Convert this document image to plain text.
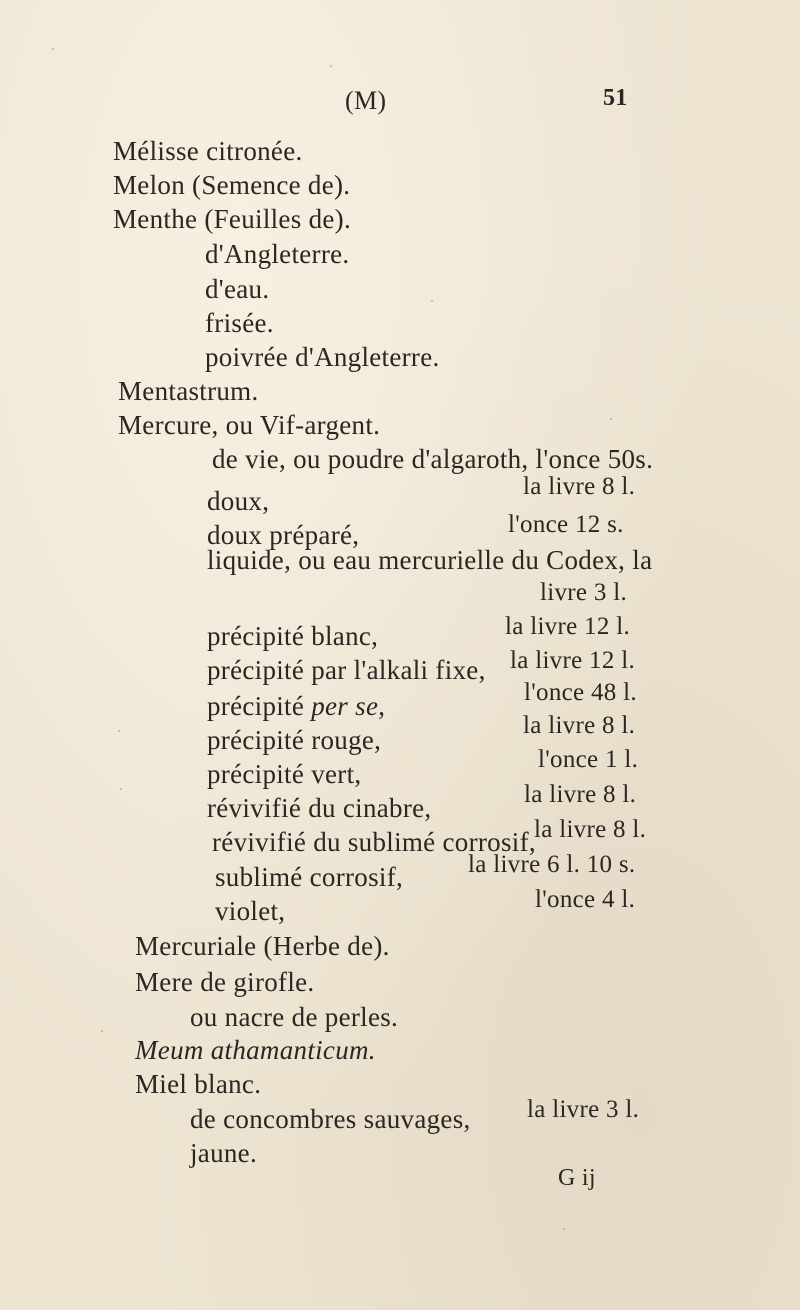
(M)	51
Mélisse citronée.
Melon (Semence de).
Menthe (Feuilles de).
d'Angleterre.
d'eau.
frisée.
poivrée d'Angleterre.
Mentastrum.
Mercure, ou Vif-argent.
de vie, ou poudre d'algaroth, l'once 50s.
doux,	la livre 8 l.
doux préparé,	l'once 12 s.
liquide, ou eau mercurielle du Codex, la
livre 3 l.
précipité blanc,	la livre 12 l.
précipité par l'alkali fixe, la livre 12 l.
précipité per se,	l'once 48 l.
précipité rouge,	la livre 8 l.
précipité vert,	l'once 1 l.
révivifié du cinabre,	la livre 8 l.
révivifié du sublimé corrosif,
la livre 8 l.
sublimé corrosif,	la livre 6 l. 10 s.
violet,	l'once 4 l.
Mercuriale (Herbe de).
Mere de girofle.
ou nacre de perles.
Meum athamanticum.
Miel blanc.
de concombres sauvages, la livre 3 l.
jaune.
G ij
